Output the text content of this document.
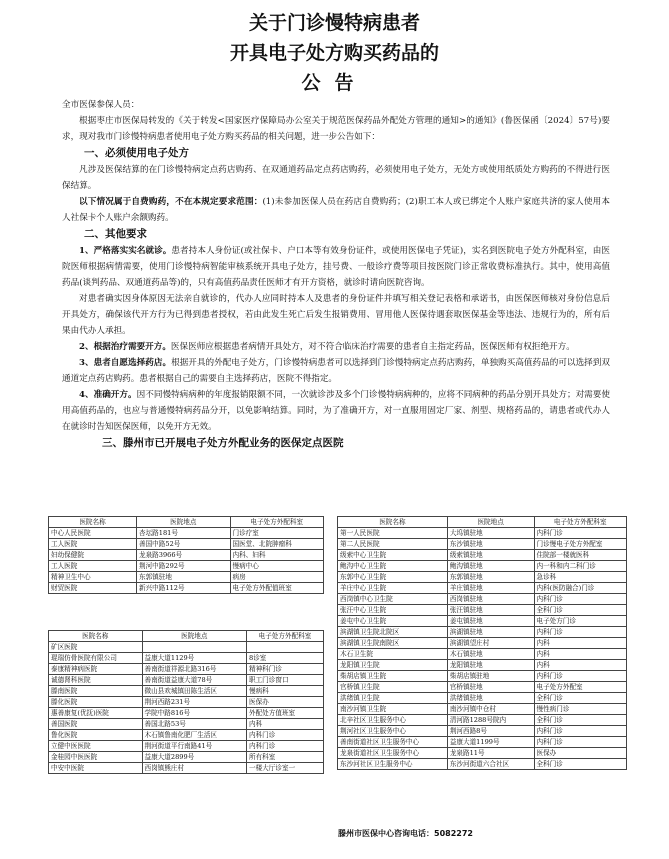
关于门诊慢特病患者
开具电子处方购买药品的
公告

全市医保参保人员：

根据枣庄市医保局转发的《关于转发<国家医疗保障局办公室关于规范医保药品外配处方管理的通知>的通知》(鲁医保函〔2024〕57号)要求，现对我市门诊慢特病患者使用电子处方购买药品的相关问题，进一步公告如下：

一、必须使用电子处方

凡涉及医保结算的在门诊慢特病定点药店购药、在双通道药品定点药店购药，必须使用电子处方，无处方或使用纸质处方购药的不得进行医保结算。

以下情况属于自费购药，不在本规定要求范围：(1)未参加医保人员在药店自费购药；(2)职工本人或已绑定个人账户家庭共济的家人使用本人社保卡个人账户余额购药。

二、其他要求

1、严格落实实名就诊。患者持本人身份证(或社保卡、户口本等有效身份证件，或使用医保电子凭证)，实名到医院电子处方外配科室，由医院医师根据病情需要，使用门诊慢特病智能审核系统开具电子处方，挂号费、一般诊疗费等项目按医院门诊正常收费标准执行。其中，使用高值药品(谈判药品、双通道药品等)的，只有高值药品责任医师才有开方资格，就诊时请向医院咨询。

对患者确实因身体原因无法亲自就诊的，代办人应同时持本人及患者的身份证件并填写相关登记表格和承诺书，由医保医师核对身份信息后开具处方，确保该代开方行为已得到患者授权，若由此发生死亡后发生报销费用、冒用他人医保待遇套取医保基金等违法、违规行为的，所有后果由代办人承担。

2、根据治疗需要开方。医保医师应根据患者病情开具处方，对不符合临床治疗需要的患者自主指定药品，医保医师有权拒绝开方。

3、患者自愿选择药店。根据开具的外配电子处方，门诊慢特病患者可以选择到门诊慢特病定点药店购药，单独购买高值药品的可以选择到双通道定点药店购药。患者根据自己的需要自主选择药店，医院不得指定。

4、准确开方。因不同慢特病病种的年度报销限额不同，一次就诊涉及多个门诊慢特病病种的，应将不同病种的药品分别开具处方；对需要使用高值药品的，也应与普通慢特病药品分开，以免影响结算。同时，为了准确开方，对一直服用固定厂家、剂型、规格药品的，请患者或代办人在就诊时告知医保医师，以免开方无效。

三、滕州市已开展电子处方外配业务的医保定点医院
医院名称	医院地点	电子处方外配科室
中心人民医院	杏坛路181号	门诊疗室
工人医院	善国中路52号	国医堂、北院肿瘤科
妇幼保健院	龙泉路3966号	内科、妇科
工人医院	荆河中路292号	慢病中心
精神卫生中心	东郭镇驻地	病房
财贸医院	新兴中路112号	电子处方外配值班室
医院名称	医院地点	电子处方外配科室
矿区医院		
琨瑞仿骨医院有限公司	益康大道1129号	8诊室
泰康精神病医院	善南街道祥源北路316号	精神科门诊
诚德肾科医院	善南街道益康大道78号	职工门诊窗口
滕南医院	微山县欢城镇田陈生活区	慢病科
滕化医院	荆河西路231号	医保办
惠善康复(优抚)医院	学院中路816号	外配处方值班室
善国医院	善国北路53号	内科
鲁化医院	木石镇鲁南化肥厂生活区	内科门诊
立健中医医院	荆河街道平行南路41号	内科门诊
金桂园中医医院	益康大道2899号	所有科室
中安中医院	西岗镇熊庄村	一楼大厅诊室一
医院名称	医院地点	电子处方外配科室
第一人民医院	大坞镇驻地	内科门诊
第二人民医院	东沙镇驻地	门诊慢电子处方外配室
级索中心卫生院	级索镇驻地	住院部一楼就医科
鲍沟中心卫生院	鲍沟镇驻地	内一科和内二科门诊
东郭中心卫生院	东郭镇驻地	急诊科
羊庄中心卫生院	羊庄镇驻地	内科(医防融合)门诊
西岗镇中心卫生院	西岗镇驻地	内科门诊
张汪中心卫生院	张汪镇驻地	全科门诊
姜屯中心卫生院	姜屯镇驻地	电子处方门诊
滨湖镇卫生院北院区	滨湖镇驻地	内科门诊
滨湖镇卫生院南院区	滨湖镇望庄村	内科
木石卫生院	木石镇驻地	内科
龙阳镇卫生院	龙阳镇驻地	内科
柴胡店镇卫生院	柴胡店镇驻地	内科门诊
官桥镇卫生院	官桥镇驻地	电子处方外配室
洪绪镇卫生院	洪绪镇驻地	全科门诊
南沙河镇卫生院	南沙河镇中仓村	慢性病门诊
北辛社区卫生服务中心	清河路1288号院内	全科门诊
荆河社区卫生服务中心	荆河西路8号	内科门诊
善南街道社区卫生服务中心	益康大道1199号	内科门诊
龙泉街道社区卫生服务中心	龙泉路11号	医保办
东沙河社区卫生服务中心	东沙河街道六合社区	全科门诊
滕州市医保中心咨询电话：5082272
